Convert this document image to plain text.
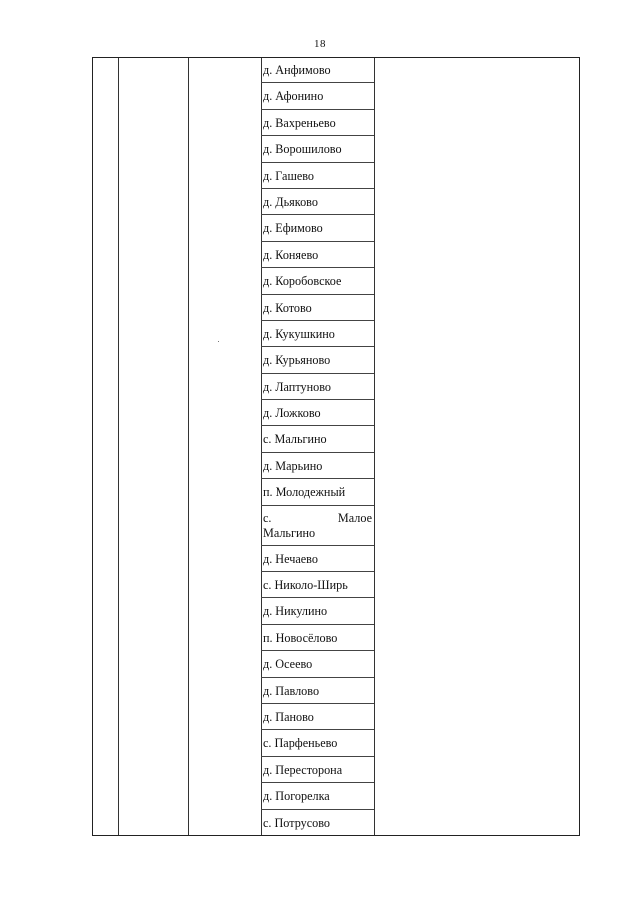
18
д. Анфимово
д. Афонино
д. Вахреньево
д. Ворошилово
д. Гашево
д. Дьяково
д. Ефимово
д. Коняево
д. Коробовское
д. Котово
д. Кукушкино
д. Курьяново
д. Лаптуново
д. Ложково
с. Мальгино
д. Марьино
п. Молодежный
с.	Малое
Мальгино
д. Нечаево
с. Николо-Ширь
д. Никулино
п. Новосёлово
д. Осеево
д. Павлово
д. Паново
с. Парфеньево
д. Пересторона
д. Погорелка
с. Потрусово
